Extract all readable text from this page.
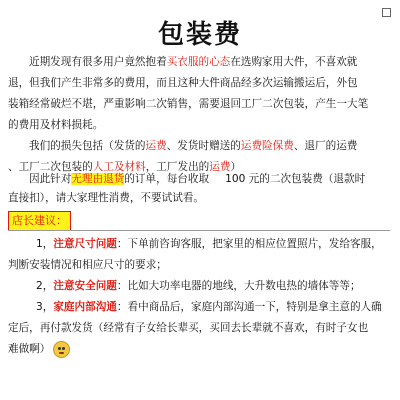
包装费
近期发现有很多用户竟然抱着买衣服的心态在选购家用大件，不喜欢就
退，但我们产生非常多的费用，而且这种大件商品经多次运输搬运后，外包
装箱经常破烂不堪，严重影响二次销售，需要退回工厂二次包装，产生一大笔
的费用及材料损耗。
我们的损失包括（发货的运费、发货时赠送的运费险保费、退厂的运费
、工厂二次包装的人工及材料，工厂发出的运费）
因此针对无理由退货的订单，每台收取 100 元的二次包装费（退款时
直接扣），请大家理性消费，不要试试看。
店长建议：
1，注意尺寸问题：下单前咨询客服，把家里的相应位置照片，发给客服，
判断安装情况和相应尺寸的要求；
2，注意安全问题：比如大功率电器的地线，大升数电热的墙体等等；
3，家庭内部沟通：看中商品后，家庭内部沟通一下，特别是拿主意的人确
定后，再付款发货（经常有子女给长辈买，买回去长辈就不喜欢，有时子女也
难做啊）
